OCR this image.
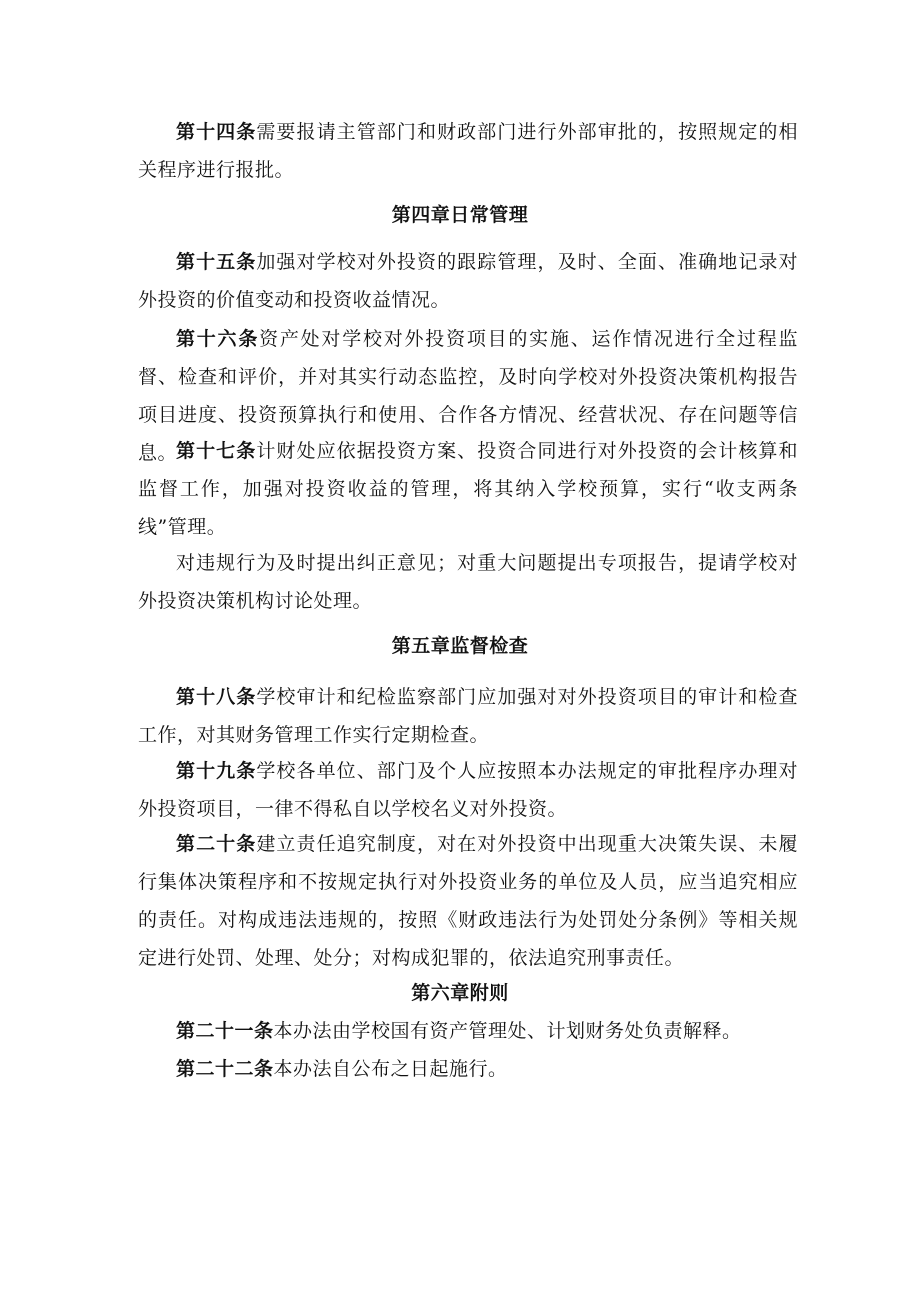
第十四条需要报请主管部门和财政部门进行外部审批的，按照规定的相关程序进行报批。

第四章日常管理

第十五条加强对学校对外投资的跟踪管理，及时、全面、准确地记录对外投资的价值变动和投资收益情况。

第十六条资产处对学校对外投资项目的实施、运作情况进行全过程监督、检查和评价，并对其实行动态监控，及时向学校对外投资决策机构报告项目进度、投资预算执行和使用、合作各方情况、经营状况、存在问题等信息。

第十七条计财处应依据投资方案、投资合同进行对外投资的会计核算和监督工作，加强对投资收益的管理，将其纳入学校预算，实行“收支两条线”管理。

对违规行为及时提出纠正意见；对重大问题提出专项报告，提请学校对外投资决策机构讨论处理。

第五章监督检查

第十八条学校审计和纪检监察部门应加强对对外投资项目的审计和检查工作，对其财务管理工作实行定期检查。

第十九条学校各单位、部门及个人应按照本办法规定的审批程序办理对外投资项目，一律不得私自以学校名义对外投资。

第二十条建立责任追究制度，对在对外投资中出现重大决策失误、未履行集体决策程序和不按规定执行对外投资业务的单位及人员，应当追究相应的责任。对构成违法违规的，按照《财政违法行为处罚处分条例》等相关规定进行处罚、处理、处分；对构成犯罪的，依法追究刑事责任。

第六章附则

第二十一条本办法由学校国有资产管理处、计划财务处负责解释。

第二十二条本办法自公布之日起施行。
